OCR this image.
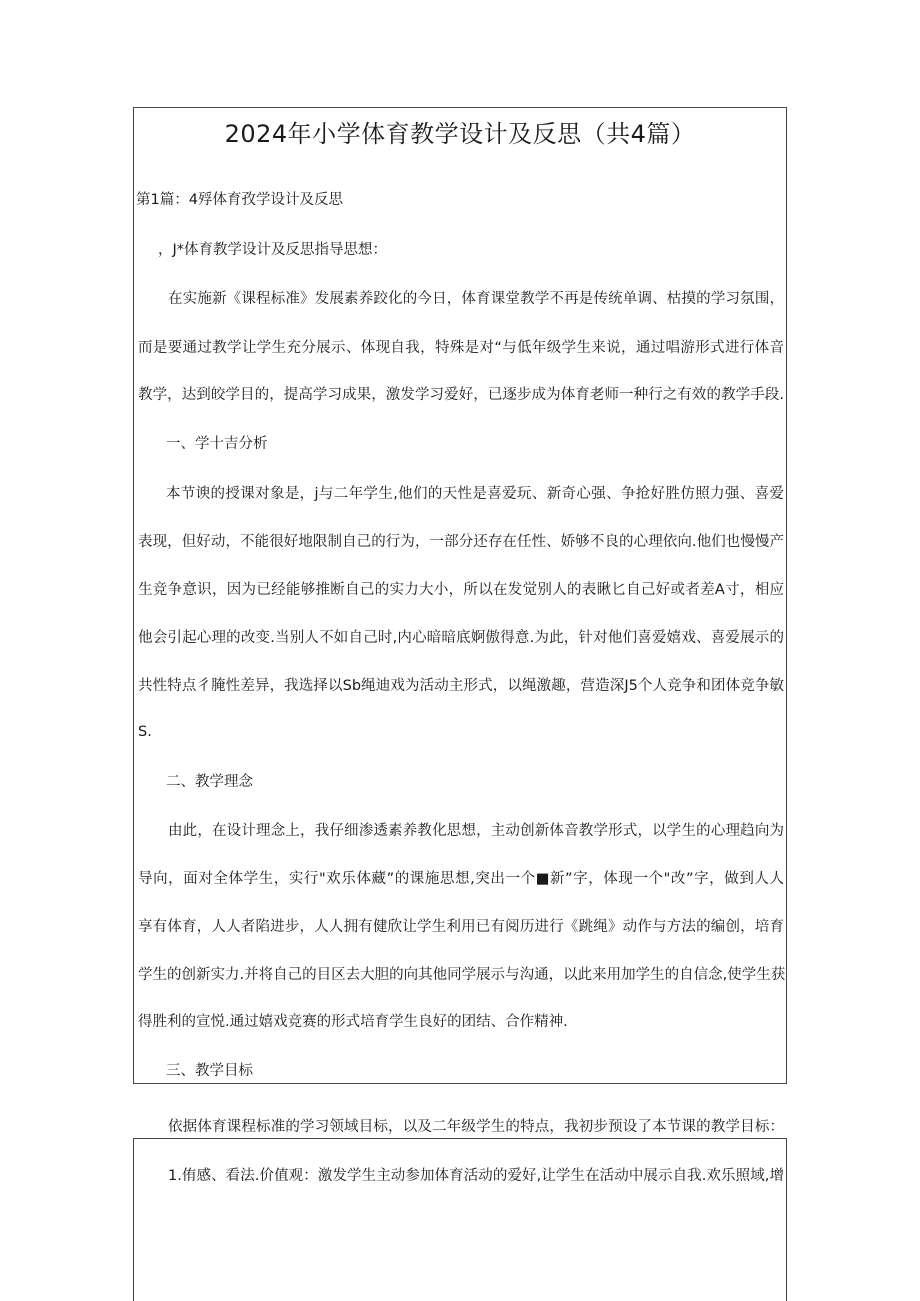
2024年小学体育教学设计及反思（共4篇）
第1篇：4殍体育孜学设计及反思
，J*体育教学设计及反思指导思想：
在实施新《课程标准》发展素养跤化的今日，体育课堂教学不再是传统单调、枯摸的学习氛围，
而是要通过教学让学生充分展示、体现自我，特殊是对“与低年级学生来说，通过唱游形式进行体音
教学，达到皎学目的，提高学习成果，激发学习爱好，已逐步成为体育老师一种行之有效的教学手段.
一、学十吉分析
本节谀的授课对象是，j与二年学生,他们的天性是喜爱玩、新奇心强、争抢好胜仿照力强、喜爱
表现，但好动，不能很好地限制自己的行为，一部分还存在任性、娇够不良的心理依向.他们也慢慢产
生竞争意识，因为已经能够推断自己的实力大小，所以在发觉别人的表瞅匕自己好或者差A寸，相应
他会引起心理的改变.当别人不如自己时,内心暗暗底婀傲得意.为此，针对他们喜爱嬉戏、喜爱展示的
共性特点彳腌性差异，我选择以Sb绳迪戏为活动主形式，以绳激趣，营造深J5个人竞争和团体竞争敏
S.
二、教学理念
由此，在设计理念上，我仔细渗透素养教化思想，主动创新体音教学形式，以学生的心理趋向为
导向，面对全体学生，实行"欢乐体藏”的课施思想,突出一个■新”字，体现一个"改”字，做到人人
享有体育，人人者陷进步，人人拥有健欣让学生利用已有阅历进行《跳绳》动作与方法的编创，培育
学生的创新实力.并将自己的目区去大胆的向其他同学展示与沟通，以此来用加学生的自信念,使学生获
得胜利的宣悦.通过嬉戏竞赛的形式培育学生良好的团结、合作精神.
三、教学目标
依据体育课程标准的学习领域目标，以及二年级学生的特点，我初步预设了本节课的教学目标：
1.侑感、看法.价值观：激发学生主动参加体育活动的爱好,让学生在活动中展示自我.欢乐照域,增
